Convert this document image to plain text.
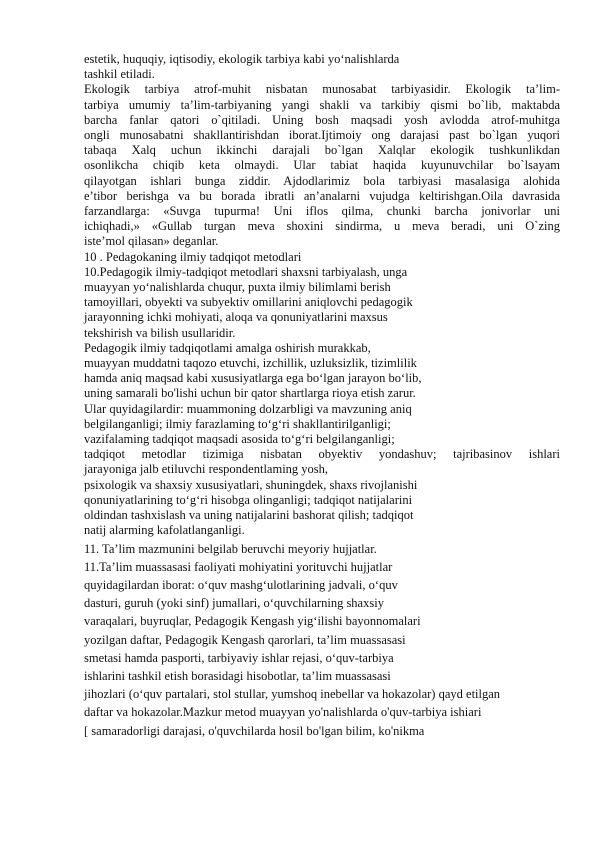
​
estetik, huquqiy, iqtisodiy, ekologik tarbiya kabi yo‘nalishlarda
tashkil etiladi.
Ekologik tarbiya atrof-muhit nisbatan munosabat tarbiyasidir. Ekologik ta’lim-
tarbiya umumiy ta’lim-tarbiyaning yangi shakli va tarkibiy qismi bo`lib, maktabda
barcha fanlar qatori o`qitiladi. Uning bosh maqsadi yosh avlodda atrof-muhitga
ongli munosabatni shakllantirishdan iborat.Ijtimoiy ong darajasi past bo`lgan yuqori
tabaqa Xalq uchun ikkinchi darajali bo`lgan Xalqlar ekologik tushkunlikdan
osonlikcha chiqib keta olmaydi. Ular tabiat haqida kuyunuvchilar bo`lsayam
qilayotgan ishlari bunga ziddir. Ajdodlarimiz bola tarbiyasi masalasiga alohida
e’tibor berishga va bu borada ibratli an’analarni vujudga keltirishgan.Oila davrasida
farzandlarga: «Suvga tupurma! Uni iflos qilma, chunki barcha jonivorlar uni
ichiqhadi,» «Gullab turgan meva shoxini sindirma, u meva beradi, uni O`zing
iste’mol qilasan» deganlar.
10 . Pedagokaning ilmiy tadqiqot metodlari
10.Pedagogik ilmiy-tadqiqot metodlari shaxsni tarbiyalash, unga
muayyan yo‘nalishlarda chuqur, puxta ilmiy bilimlami berish
tamoyillari, obyekti va subyektiv omillarini aniqlovchi pedagogik
jarayonning ichki mohiyati, aloqa va qonuniyatlarini maxsus
tekshirish va bilish usullaridir.
Pedagogik ilmiy tadqiqotlami amalga oshirish murakkab,
muayyan muddatni taqozo etuvchi, izchillik, uzluksizlik, tizimlilik
hamda aniq maqsad kabi xususiyatlarga ega bo‘lgan jarayon bo‘lib,
uning samarali bo'lishi uchun bir qator shartlarga rioya etish zarur.
Ular quyidagilardir: muammoning dolzarbligi va mavzuning aniq
belgilanganligi; ilmiy farazlaming to‘g‘ri shakllantirilganligi;
vazifalaming tadqiqot maqsadi asosida to‘g‘ri belgilanganligi;
tadqiqot metodlar tizimiga nisbatan obyektiv yondashuv; tajribasinov ishlari
jarayoniga jalb etiluvchi respondentlaming yosh,
psixologik va shaxsiy xususiyatlari, shuningdek, shaxs rivojlanishi
qonuniyatlarining to‘g‘ri hisobga olinganligi; tadqiqot natijalarini
oldindan tashxislash va uning natijalarini bashorat qilish; tadqiqot
natij alarming kafolatlanganligi.
11. Ta’lim mazmunini belgilab beruvchi meyoriy hujjatlar.
11.Ta’lim muassasasi faoliyati mohiyatini yorituvchi hujjatlar
quyidagilardan iborat: o‘quv mashg‘ulotlarining jadvali, o‘quv
dasturi, guruh (yoki sinf) jumallari, o‘quvchilarning shaxsiy
varaqalari, buyruqlar, Pedagogik Kengash yig‘ilishi bayonnomalari
yozilgan daftar, Pedagogik Kengash qarorlari, ta’lim muassasasi
smetasi hamda pasporti, tarbiyaviy ishlar rejasi, o‘quv-tarbiya
ishlarini tashkil etish borasidagi hisobotlar, ta’lim muassasasi
jihozlari (o‘quv partalari, stol stullar, yumshoq inebellar va hokazolar) qayd etilgan
daftar va hokazolar.Mazkur metod muayyan yo'nalishlarda o'quv-tarbiya ishiari
[ samaradorligi darajasi, o'quvchilarda hosil bo'lgan bilim, ko'nikma
